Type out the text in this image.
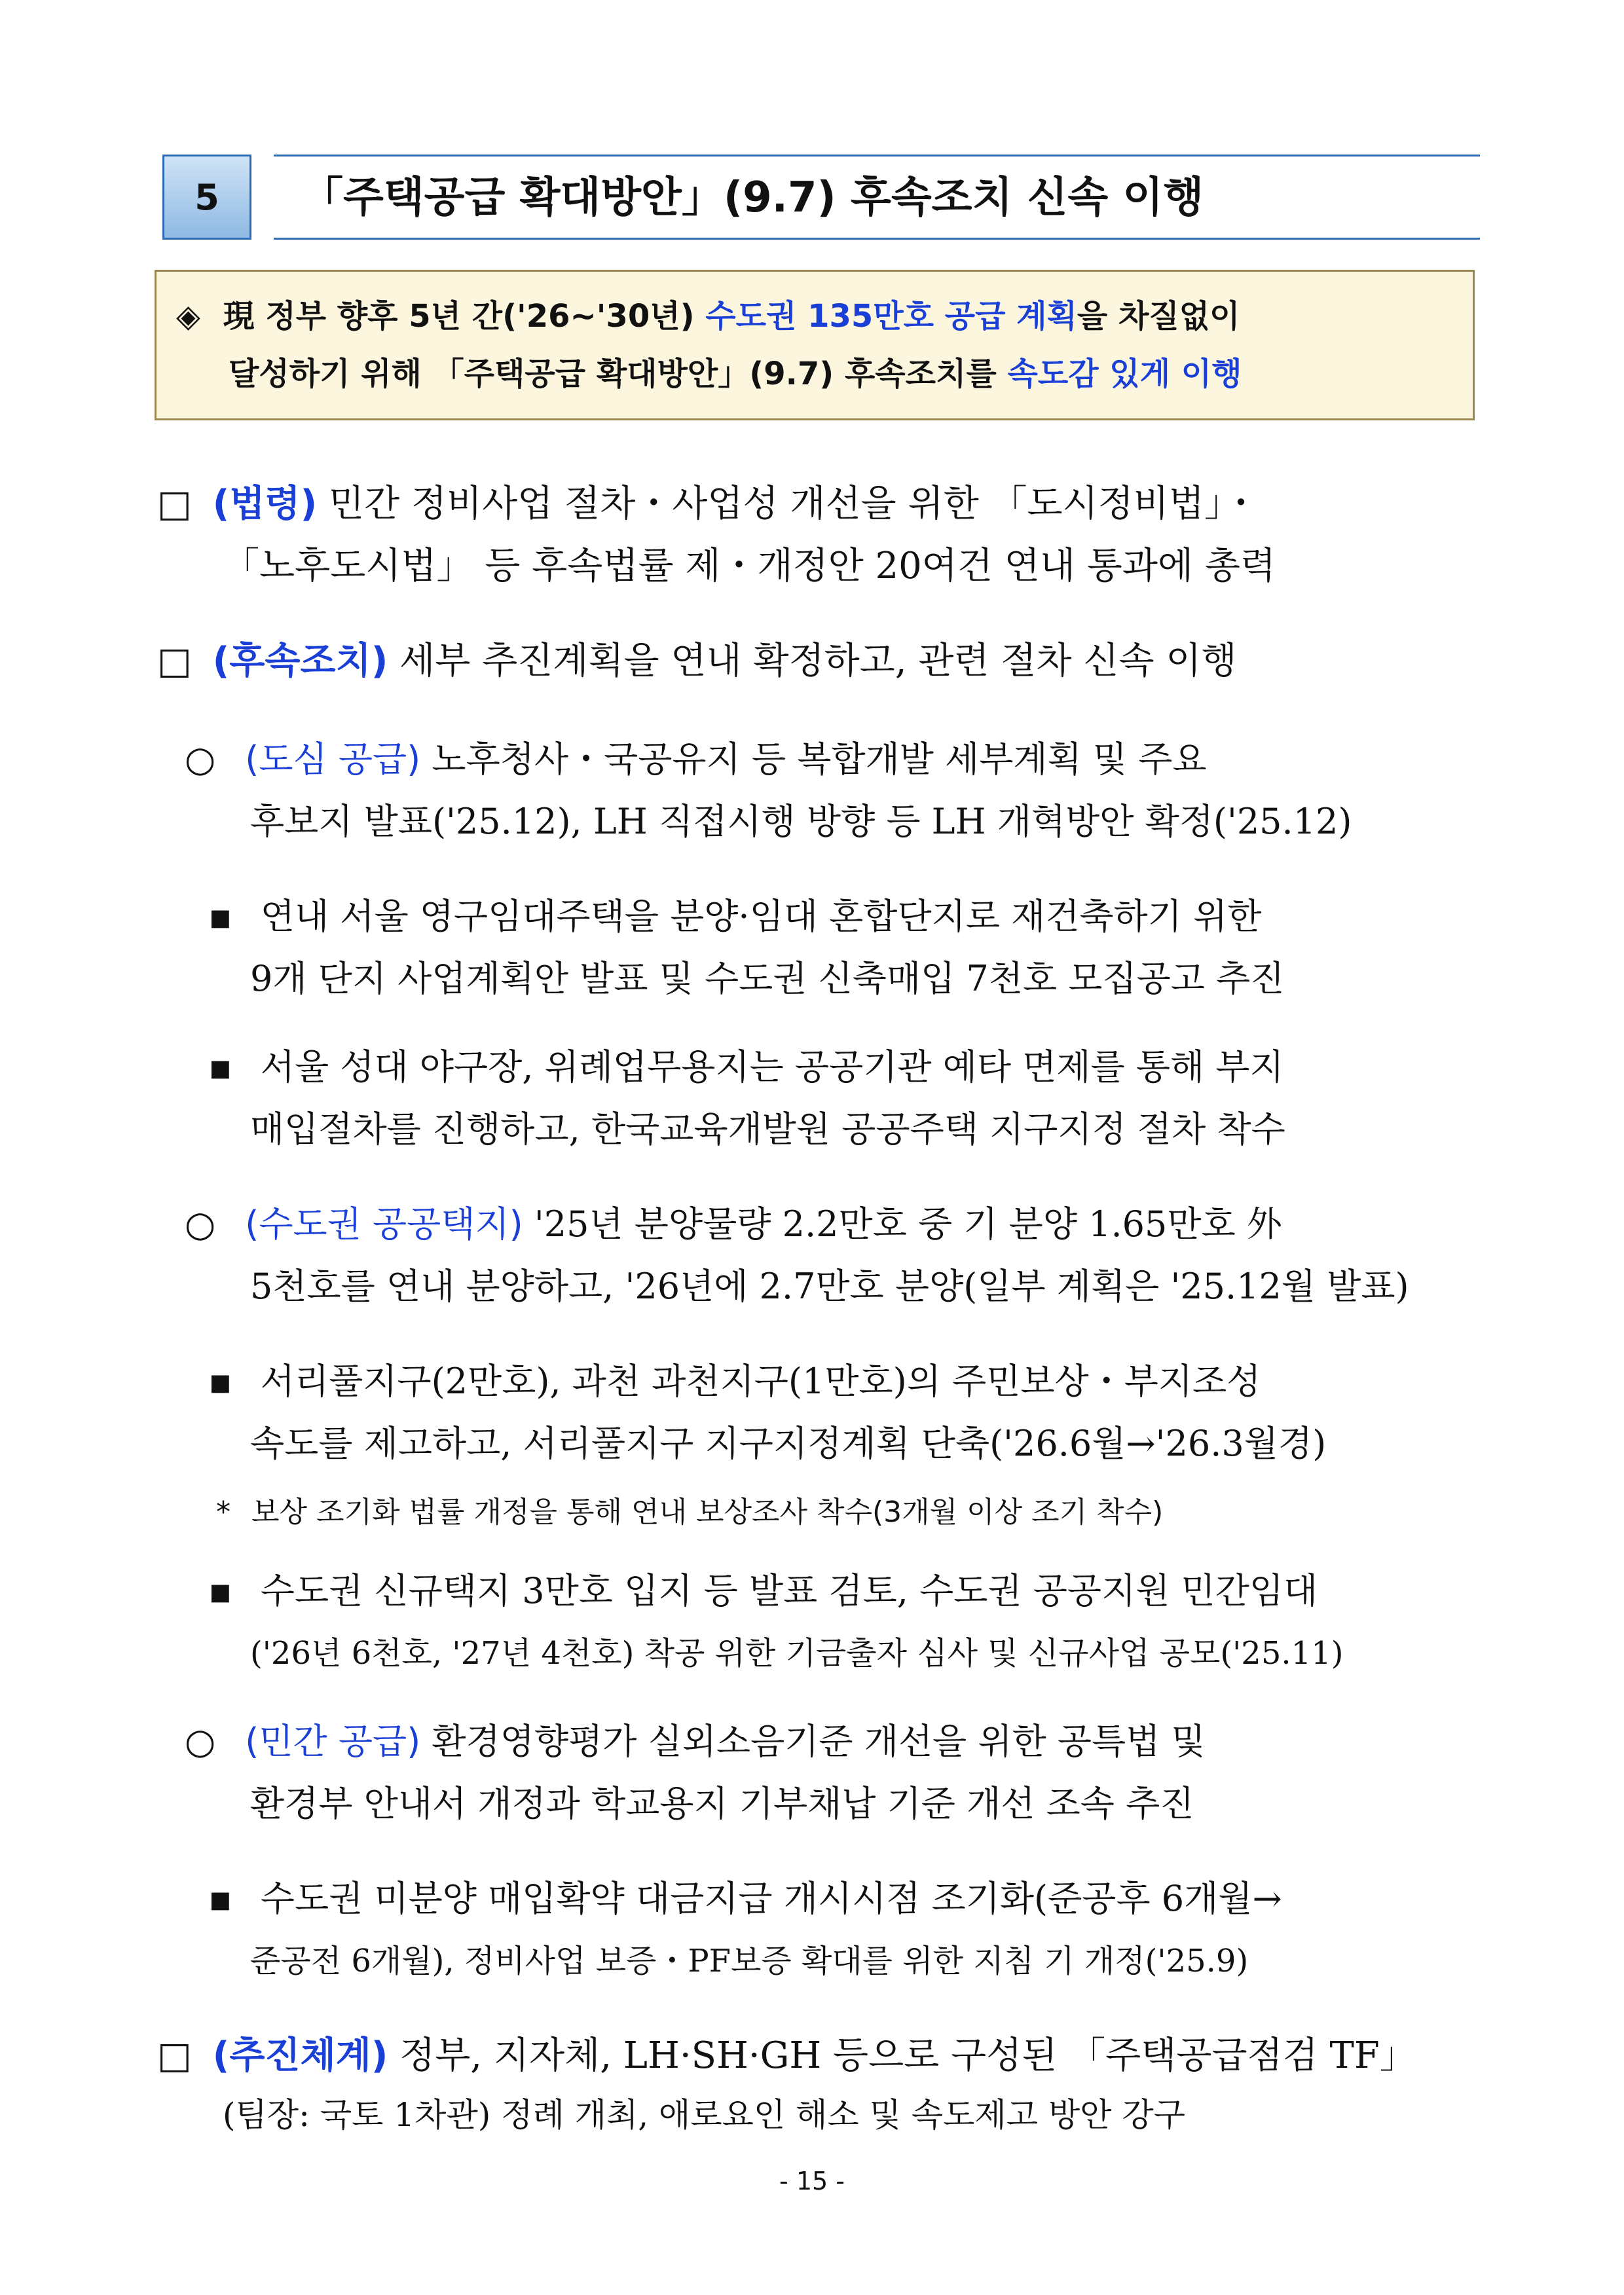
5 「주택공급 확대방안」(9.7) 후속조치 신속 이행
◈ 現 정부 향후 5년 간('26~'30년) 수도권 135만호 공급 계획을 차질없이
달성하기 위해 「주택공급 확대방안」(9.7) 후속조치를 속도감 있게 이행
□ (법령) 민간 정비사업 절차・사업성 개선을 위한 「도시정비법」・
「노후도시법」 등 후속법률 제・개정안 20여건 연내 통과에 총력
□ (후속조치) 세부 추진계획을 연내 확정하고, 관련 절차 신속 이행
○ (도심 공급) 노후청사・국공유지 등 복합개발 세부계획 및 주요
후보지 발표('25.12), LH 직접시행 방향 등 LH 개혁방안 확정('25.12)
▪ 연내 서울 영구임대주택을 분양·임대 혼합단지로 재건축하기 위한
9개 단지 사업계획안 발표 및 수도권 신축매입 7천호 모집공고 추진
▪ 서울 성대 야구장, 위례업무용지는 공공기관 예타 면제를 통해 부지
매입절차를 진행하고, 한국교육개발원 공공주택 지구지정 절차 착수
○ (수도권 공공택지) '25년 분양물량 2.2만호 중 기 분양 1.65만호 外
5천호를 연내 분양하고, '26년에 2.7만호 분양(일부 계획은 '25.12월 발표)
▪ 서리풀지구(2만호), 과천 과천지구(1만호)의 주민보상・부지조성
속도를 제고하고, 서리풀지구 지구지정계획 단축('26.6월→'26.3월경)
* 보상 조기화 법률 개정을 통해 연내 보상조사 착수(3개월 이상 조기 착수)
▪ 수도권 신규택지 3만호 입지 등 발표 검토, 수도권 공공지원 민간임대
('26년 6천호, '27년 4천호) 착공 위한 기금출자 심사 및 신규사업 공모('25.11)
○ (민간 공급) 환경영향평가 실외소음기준 개선을 위한 공특법 및
환경부 안내서 개정과 학교용지 기부채납 기준 개선 조속 추진
▪ 수도권 미분양 매입확약 대금지급 개시시점 조기화(준공후 6개월→
준공전 6개월), 정비사업 보증・PF보증 확대를 위한 지침 기 개정('25.9)
□ (추진체계) 정부, 지자체, LH·SH·GH 등으로 구성된 「주택공급점검 TF」
(팀장: 국토 1차관) 정례 개최, 애로요인 해소 및 속도제고 방안 강구
- 15 -
